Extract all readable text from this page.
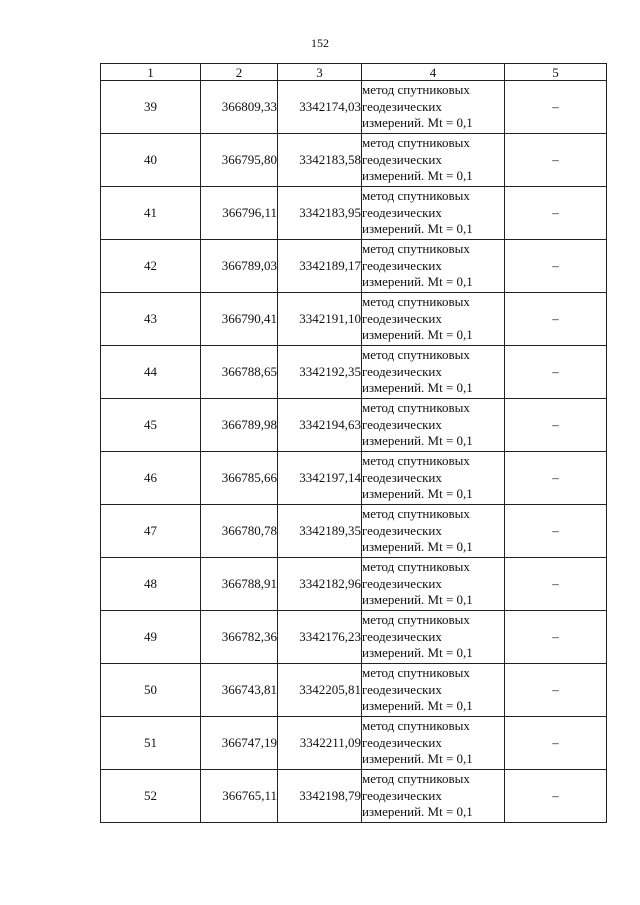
152
1	2	3	4	5
39	366809,33	3342174,03	метод спутниковых
геодезических
измерений. Mt = 0,1	–
40	366795,80	3342183,58	метод спутниковых
геодезических
измерений. Mt = 0,1	–
41	366796,11	3342183,95	метод спутниковых
геодезических
измерений. Mt = 0,1	–
42	366789,03	3342189,17	метод спутниковых
геодезических
измерений. Mt = 0,1	–
43	366790,41	3342191,10	метод спутниковых
геодезических
измерений. Mt = 0,1	–
44	366788,65	3342192,35	метод спутниковых
геодезических
измерений. Mt = 0,1	–
45	366789,98	3342194,63	метод спутниковых
геодезических
измерений. Mt = 0,1	–
46	366785,66	3342197,14	метод спутниковых
геодезических
измерений. Mt = 0,1	–
47	366780,78	3342189,35	метод спутниковых
геодезических
измерений. Mt = 0,1	–
48	366788,91	3342182,96	метод спутниковых
геодезических
измерений. Mt = 0,1	–
49	366782,36	3342176,23	метод спутниковых
геодезических
измерений. Mt = 0,1	–
50	366743,81	3342205,81	метод спутниковых
геодезических
измерений. Mt = 0,1	–
51	366747,19	3342211,09	метод спутниковых
геодезических
измерений. Mt = 0,1	–
52	366765,11	3342198,79	метод спутниковых
геодезических
измерений. Mt = 0,1	–
